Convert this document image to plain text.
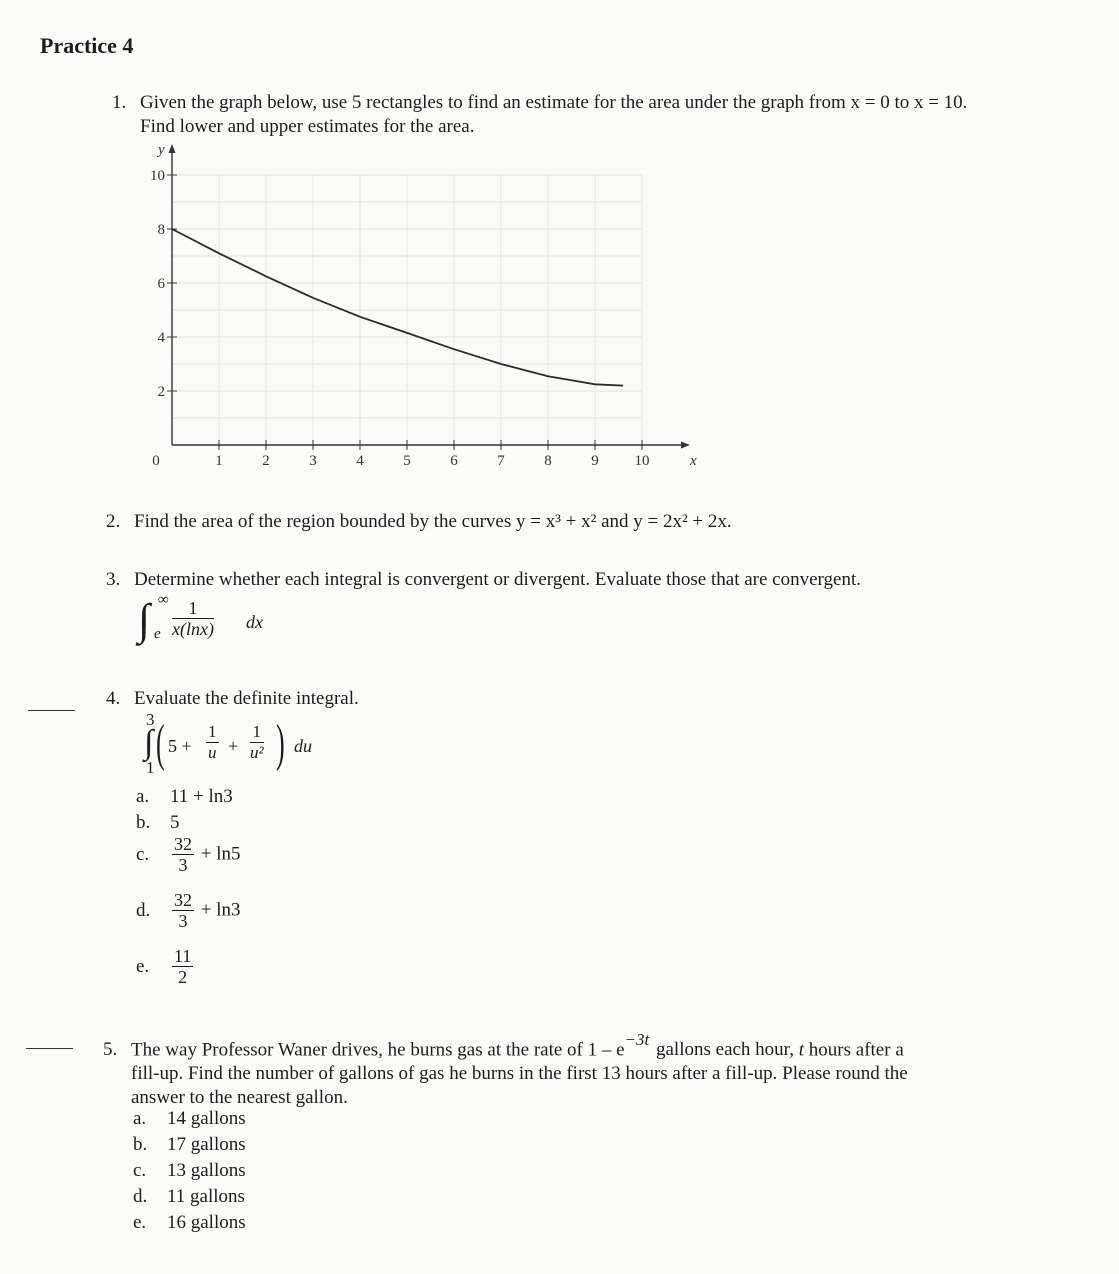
Practice 4
1. Given the graph below, use 5 rectangles to find an estimate for the area under the graph from x = 0 to x = 10.
Find lower and upper estimates for the area.
0	1	2	3	4	5	6	7	8	9 10
2
4
6
8
10
x
y
2. Find the area of the region bounded by the curves y = x³ + x² and y = 2x² + 2x.
3. Determine whether each integral is convergent or divergent. Evaluate those that are convergent.
∫ ∞
e $\frac{1}{x(\ln x)}$ dx
4. Evaluate the definite integral.
3
∫
1 ( $5 + \frac{1}{u} + \frac{1}{\text{u²}}$ ) du
a. 11 + ln3
b. 5
c. $\frac{32}{3} + \ln 5$
d. $\frac{32}{3} + \ln 3$
e. $\frac{11}{2}$
5. The way Professor Waner drives, he burns gas at the rate of $1 - e^{-3t}$ gallons each hour, t hours after a
fill-up. Find the number of gallons of gas he burns in the first 13 hours after a fill-up. Please round the
answer to the nearest gallon.
a. 14 gallons
b. 17 gallons
c. 13 gallons
d. 11 gallons
e. 16 gallons
